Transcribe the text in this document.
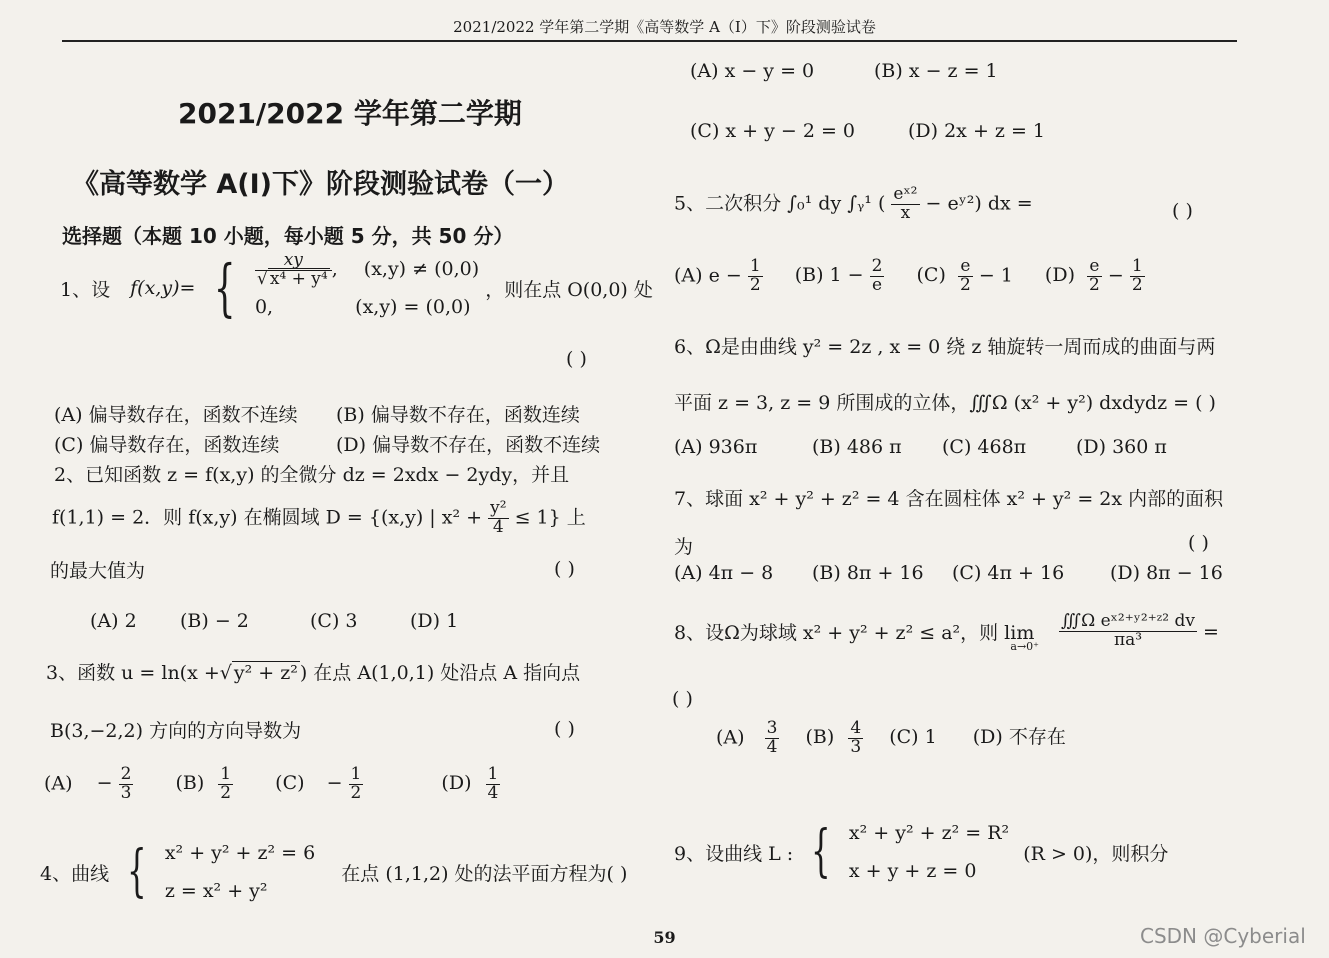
2021/2022 学年第二学期《高等数学 A（I）下》阶段测验试卷
2021/2022 学年第二学期
《高等数学 A(I)下》阶段测验试卷（一）
选择题（本题 10 小题，每小题 5 分，共 50 分）
1、设 f(x,y)= { $\frac{xy}{\text{√ x⁴ + y⁴}}$ , (x,y) ≠ (0,0)
0,	(x,y) = (0,0)
，则在点 O(0,0) 处
( )
(A) 偏导数存在，函数不连续 (B) 偏导数不存在，函数连续
(C) 偏导数存在，函数连续	(D) 偏导数不存在，函数不连续
2、已知函数 z = f(x,y) 的全微分 dz = 2xdx − 2ydy，并且
f(1,1) = 2．则 f(x,y) 在椭圆域 D = {(x,y) | $x^2 + \frac{\text{y²}}{4} \le 1$} 上
的最大值为	( )
(A) 2 (B) − 2	(C) 3	(D) 1
3、函数 u = ln(x +√ y² + z² ) 在点 A(1,0,1) 处沿点 A 指向点
B(3,−2,2) 方向的方向导数为	( )
$(A) - \frac{2}{3} (B) \frac{1}{2} (C) - \frac{1}{2}$	$(D) \frac{1}{4}$
4、曲线 { x² + y² + z² = 6
z = x² + y²
在点 (1,1,2) 处的法平面方程为( )
(A) x − y = 0	(B) x − z = 1
(C) x + y − 2 = 0	(D) 2x + z = 1
5、二次积分 ∫₀¹ dy ∫ᵧ¹ ( $\frac{\text{eˣ²}}{x}$ − eʸ²) dx =	( )
(A) $e - \frac{1}{2} (B) 1 - \frac{2}{e} (C) \frac{e}{2} - 1$ $(D) \frac{e}{2} - \frac{1}{2}$
6、Ω是由曲线 y² = 2z , x = 0 绕 z 轴旋转一周而成的曲面与两
平面 z = 3, z = 9 所围成的立体，∭Ω (x² + y²) dxdydz = ( )
(A) 936π	(B) 486 π (C) 468π	(D) 360 π
7、球面 x² + y² + z² = 4 含在圆柱体 x² + y² = 2x 内部的面积
为	( )
(A) 4π − 8 (B) 8π + 16 (C) 4π + 16 (D) 8π − 16
8、设Ω为球域 x² + y² + z² ≤ a²，则 $\lim a\to 0^+ \frac{\text{∭Ω eˣ²⁺ʸ²⁺ᶻ² dv}}{\text{πa³}}$ =
( )
$(A) \frac{3}{4} (B) \frac{4}{3} (C)$ 1 (D) 不存在
9、设曲线 L : { x² + y² + z² = R²
x + y + z = 0
(R > 0)，则积分
59	CSDN @Cyberial
